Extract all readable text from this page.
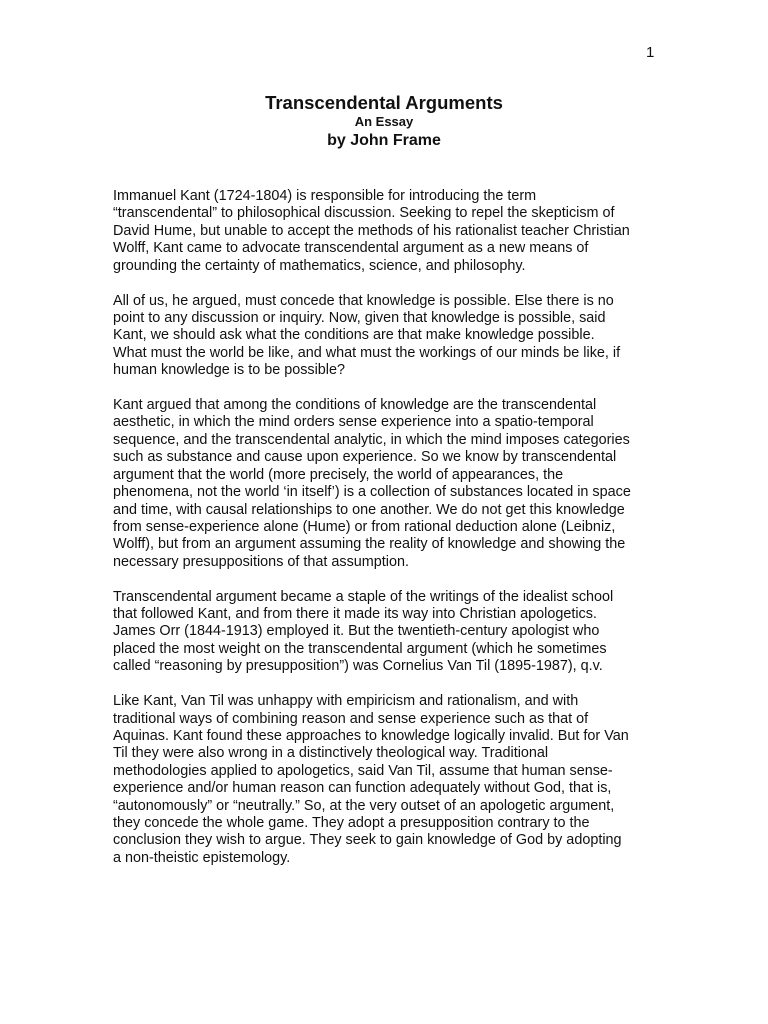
1

Transcendental Arguments

An Essay

by John Frame

Immanuel Kant (1724-1804) is responsible for introducing the term
“transcendental” to philosophical discussion. Seeking to repel the skepticism of
David Hume, but unable to accept the methods of his rationalist teacher Christian
Wolff, Kant came to advocate transcendental argument as a new means of
grounding the certainty of mathematics, science, and philosophy.

All of us, he argued, must concede that knowledge is possible. Else there is no
point to any discussion or inquiry. Now, given that knowledge is possible, said
Kant, we should ask what the conditions are that make knowledge possible.
What must the world be like, and what must the workings of our minds be like, if
human knowledge is to be possible?

Kant argued that among the conditions of knowledge are the transcendental
aesthetic, in which the mind orders sense experience into a spatio-temporal
sequence, and the transcendental analytic, in which the mind imposes categories
such as substance and cause upon experience. So we know by transcendental
argument that the world (more precisely, the world of appearances, the
phenomena, not the world ‘in itself’) is a collection of substances located in space
and time, with causal relationships to one another. We do not get this knowledge
from sense-experience alone (Hume) or from rational deduction alone (Leibniz,
Wolff), but from an argument assuming the reality of knowledge and showing the
necessary presuppositions of that assumption.

Transcendental argument became a staple of the writings of the idealist school
that followed Kant, and from there it made its way into Christian apologetics.
James Orr (1844-1913) employed it. But the twentieth-century apologist who
placed the most weight on the transcendental argument (which he sometimes
called “reasoning by presupposition”) was Cornelius Van Til (1895-1987), q.v.

Like Kant, Van Til was unhappy with empiricism and rationalism, and with
traditional ways of combining reason and sense experience such as that of
Aquinas. Kant found these approaches to knowledge logically invalid. But for Van
Til they were also wrong in a distinctively theological way. Traditional
methodologies applied to apologetics, said Van Til, assume that human sense-
experience and/or human reason can function adequately without God, that is,
“autonomously” or “neutrally.” So, at the very outset of an apologetic argument,
they concede the whole game. They adopt a presupposition contrary to the
conclusion they wish to argue. They seek to gain knowledge of God by adopting
a non-theistic epistemology.
